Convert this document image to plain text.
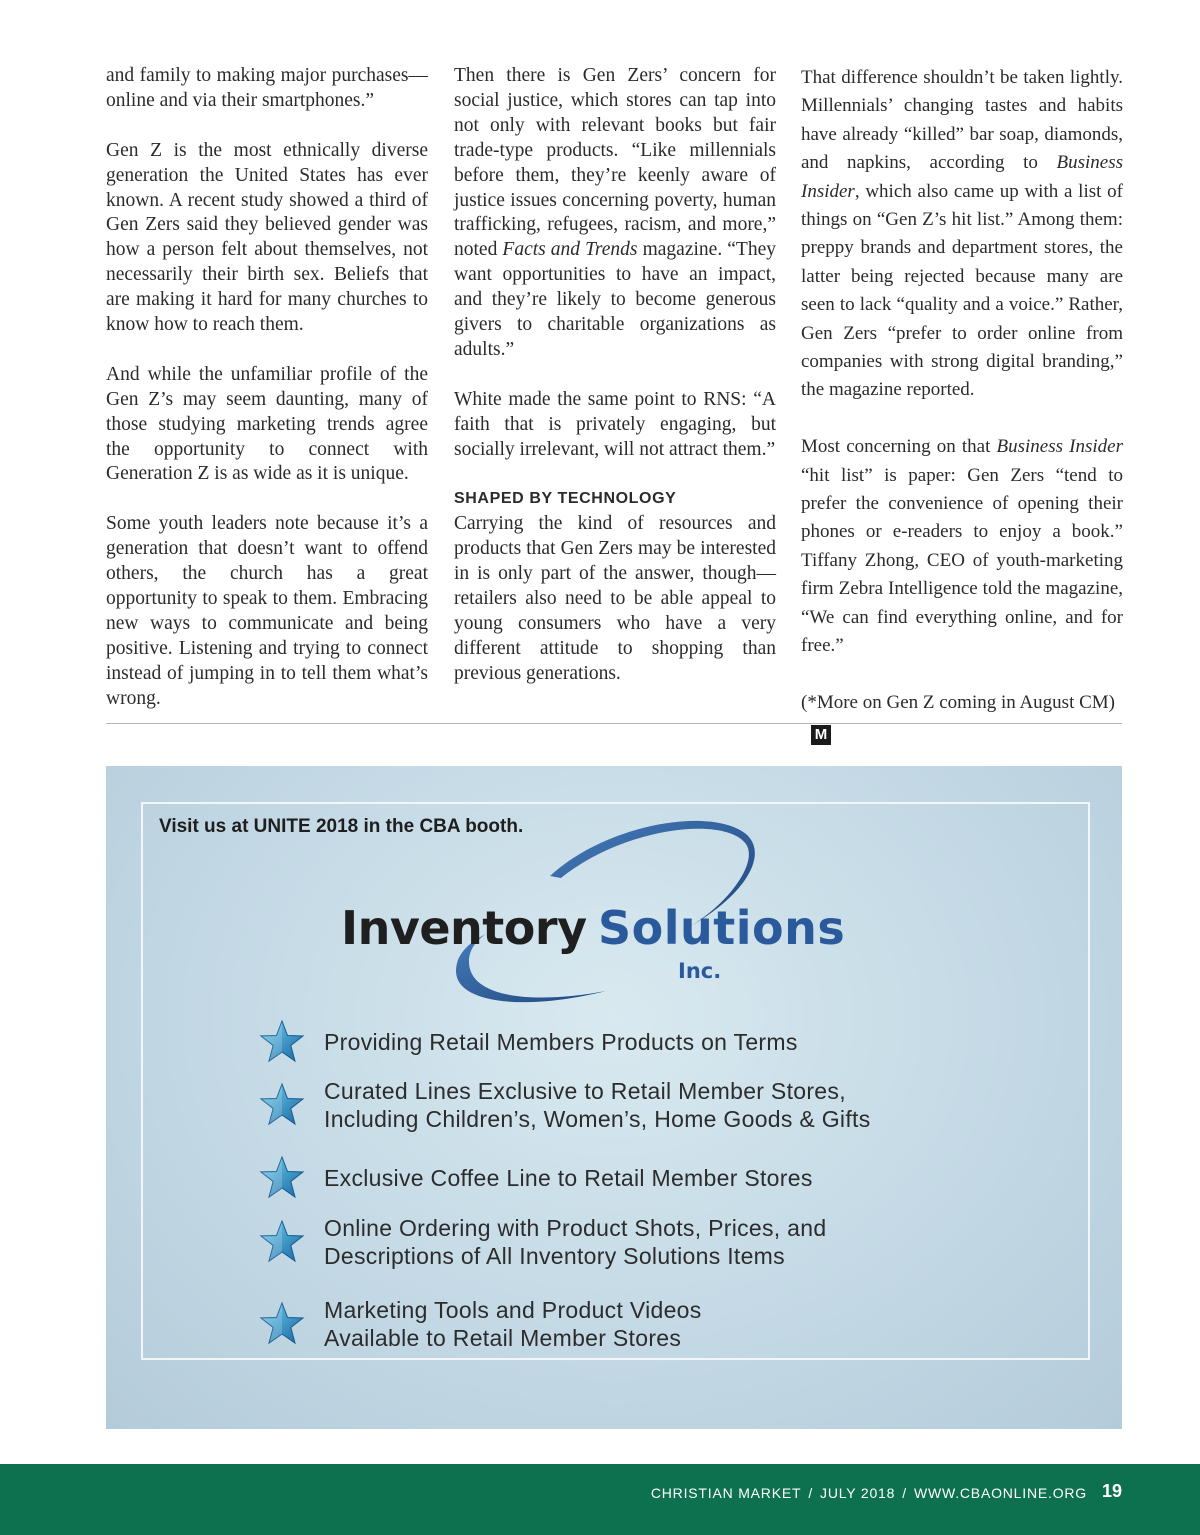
and family to making major purchases—online and via their smartphones.”

Gen Z is the most ethnically diverse generation the United States has ever known. A recent study showed a third of Gen Zers said they believed gender was how a person felt about themselves, not necessarily their birth sex. Beliefs that are making it hard for many churches to know how to reach them.

And while the unfamiliar profile of the Gen Z’s may seem daunting, many of those studying marketing trends agree the opportunity to connect with Generation Z is as wide as it is unique.

Some youth leaders note because it’s a generation that doesn’t want to offend others, the church has a great opportunity to speak to them. Embracing new ways to communicate and being positive. Listening and trying to connect instead of jumping in to tell them what’s wrong.

Then there is Gen Zers’ concern for social justice, which stores can tap into not only with relevant books but fair trade-type products. “Like millennials before them, they’re keenly aware of justice issues concerning poverty, human trafficking, refugees, racism, and more,” noted Facts and Trends magazine. “They want opportunities to have an impact, and they’re likely to become generous givers to charitable organizations as adults.”

White made the same point to RNS: “A faith that is privately engaging, but socially irrelevant, will not attract them.”

SHAPED BY TECHNOLOGY

Carrying the kind of resources and products that Gen Zers may be interested in is only part of the answer, though—retailers also need to be able appeal to young consumers who have a very different attitude to shopping than previous generations.

That difference shouldn’t be taken lightly. Millennials’ changing tastes and habits have already “killed” bar soap, diamonds, and napkins, according to Business Insider, which also came up with a list of things on “Gen Z’s hit list.” Among them: preppy brands and department stores, the latter being rejected because many are seen to lack “quality and a voice.” Rather, Gen Zers “prefer to order online from companies with strong digital branding,” the magazine reported.

Most concerning on that Business Insider “hit list” is paper: Gen Zers “tend to prefer the convenience of opening their phones or e-readers to enjoy a book.” Tiffany Zhong, CEO of youth-marketing firm Zebra Intelligence told the magazine, “We can find everything online, and for free.”

(*More on Gen Z coming in August CM)M

Visit us at UNITE 2018 in the CBA booth.
Inventory Solutions
Inc.
Providing Retail Members Products on Terms
Curated Lines Exclusive to Retail Member Stores,
Including Children’s, Women’s, Home Goods & Gifts
Exclusive Coffee Line to Retail Member Stores
Online Ordering with Product Shots, Prices, and
Descriptions of All Inventory Solutions Items
Marketing Tools and Product Videos
Available to Retail Member Stores
CHRISTIAN MARKET / JULY 2018 / WWW.CBAONLINE.ORG 19
